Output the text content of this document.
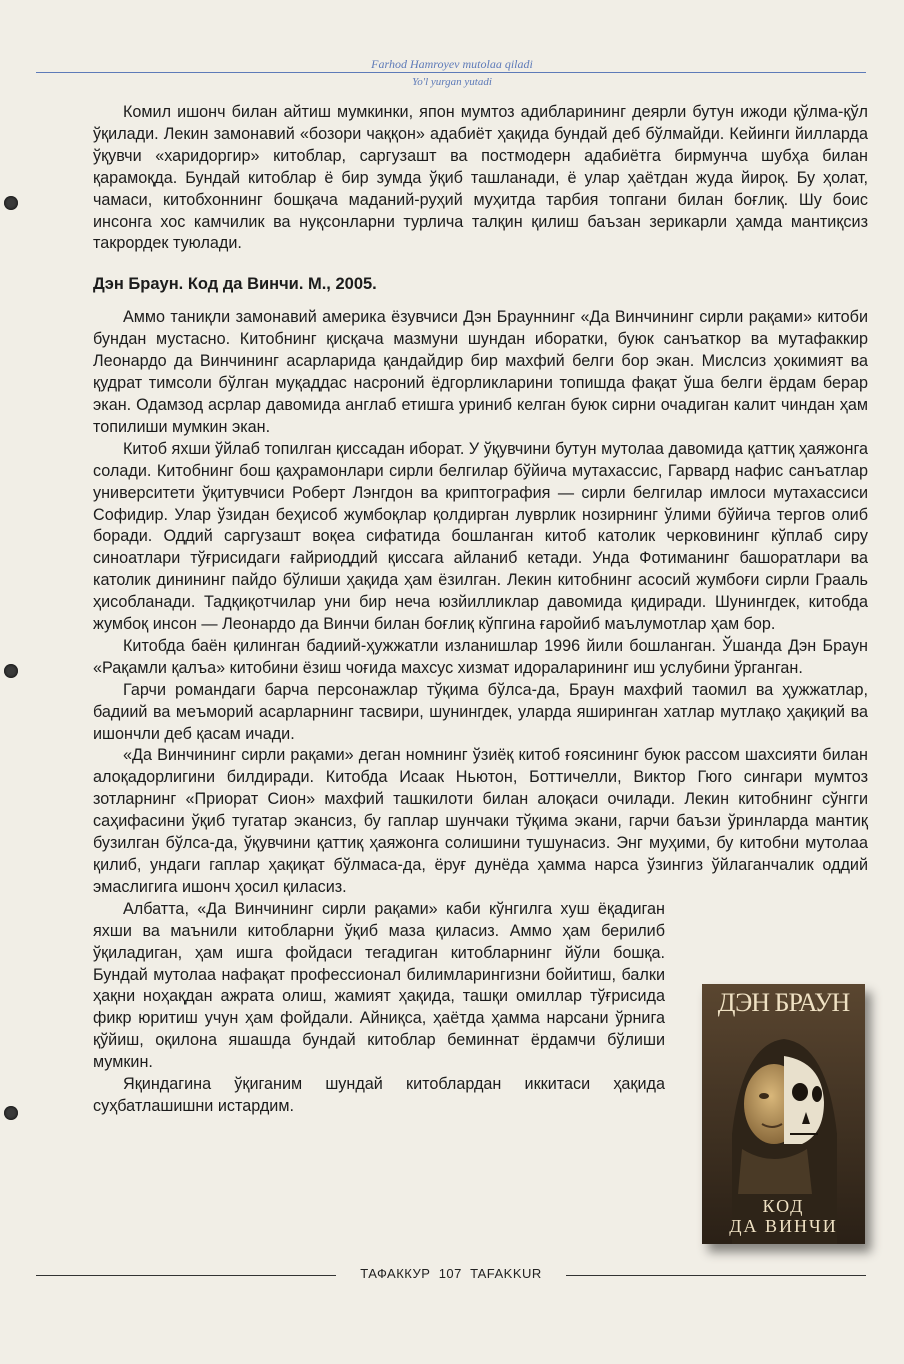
Farhod Hamroyev mutolaa qiladi
Yo'l yurgan yutadi

Комил ишонч билан айтиш мумкинки, япон мумтоз адибларининг деярли бутун ижоди қўлма-қўл ўқилади. Лекин замонавий «бозори чаққон» адабиёт ҳақида бундай деб бўлмайди. Кейинги йилларда ўқувчи «харидоргир» китоблар, саргузашт ва постмодерн адабиётга бирмунча шубҳа билан қарамоқда. Бундай китоблар ё бир зумда ўқиб ташланади, ё улар ҳаётдан жуда йироқ. Бу ҳолат, чамаси, китобхоннинг бошқача маданий-руҳий муҳитда тарбия топгани билан боғлиқ. Шу боис инсонга хос камчилик ва нуқсонларни турлича талқин қилиш баъзан зерикарли ҳамда мантиқсиз такрордек туюлади.

Дэн Браун. Код да Винчи. М., 2005.

Аммо таниқли замонавий америка ёзувчиси Дэн Брауннинг «Да Винчининг сирли рақами» китоби бундан мустасно. Китобнинг қисқача мазмуни шундан иборатки, буюк санъаткор ва мутафаккир Леонардо да Винчининг асарларида қандайдир бир махфий белги бор экан. Мислсиз ҳокимият ва қудрат тимсоли бўлган муқаддас насроний ёдгорликларини топишда фақат ўша белги ёрдам берар экан. Одамзод асрлар давомида англаб етишга уриниб келган буюк сирни очадиган калит чиндан ҳам топилиши мумкин экан.

Китоб яхши ўйлаб топилган қиссадан иборат. У ўқувчини бутун мутолаа давомида қаттиқ ҳаяжонга солади. Китобнинг бош қаҳрамонлари сирли белгилар бўйича мутахассис, Гарвард нафис санъатлар университети ўқитувчиси Роберт Лэнгдон ва криптография — сирли белгилар имлоси мутахассиси Софидир. Улар ўзидан беҳисоб жумбоқлар қолдирган луврлик нозирнинг ўлими бўйича тергов олиб боради. Оддий саргузашт воқеа сифатида бошланган китоб католик черковининг кўплаб сиру синоатлари тўғрисидаги ғайриоддий қиссага айланиб кетади. Унда Фотиманинг башоратлари ва католик динининг пайдо бўлиши ҳақида ҳам ёзилган. Лекин китобнинг асосий жумбоғи сирли Грааль ҳисобланади. Тадқиқотчилар уни бир неча юзйилликлар давомида қидиради. Шунингдек, китобда жумбоқ инсон — Леонардо да Винчи билан боғлиқ кўпгина ғаройиб маълумотлар ҳам бор.

Китобда баён қилинган бадиий-ҳужжатли изланишлар 1996 йили бошланган. Ўшанда Дэн Браун «Рақамли қалъа» китобини ёзиш чоғида махсус хизмат идораларининг иш услубини ўрганган.

Гарчи романдаги барча персонажлар тўқима бўлса-да, Браун махфий таомил ва ҳужжатлар, бадиий ва меъморий асарларнинг тасвири, шунингдек, уларда яширинган хатлар мутлақо ҳақиқий ва ишончли деб қасам ичади.

«Да Винчининг сирли рақами» деган номнинг ўзиёқ китоб ғоясининг буюк рассом шахсияти билан алоқадорлигини билдиради. Китобда Исаак Ньютон, Боттичелли, Виктор Гюго сингари мумтоз зотларнинг «Приорат Сион» махфий ташкилоти билан алоқаси очилади. Лекин китобнинг сўнгги саҳифасини ўқиб тугатар экансиз, бу гаплар шунчаки тўқима экани, гарчи баъзи ўринларда мантиқ бузилган бўлса-да, ўқувчини қаттиқ ҳаяжонга солишини тушунасиз. Энг муҳими, бу китобни мутолаа қилиб, ундаги гаплар ҳақиқат бўлмаса-да, ёруғ дунёда ҳамма нарса ўзингиз ўйлаганчалик оддий эмаслигига ишонч ҳосил қиласиз.

Албатта, «Да Винчининг сирли рақами» каби кўнгилга хуш ёқадиган яхши ва маънили китобларни ўқиб маза қиласиз. Аммо ҳам берилиб ўқиладиган, ҳам ишга фойдаси тегадиган китобларнинг йўли бошқа. Бундай мутолаа нафақат профессионал билимларингизни бойитиш, балки ҳақни ноҳақдан ажрата олиш, жамият ҳақида, ташқи омиллар тўғрисида фикр юритиш учун ҳам фойдали. Айниқса, ҳаётда ҳамма нарсани ўрнига қўйиш, оқилона яшашда бундай китоблар беминнат ёрдамчи бўлиши мумкин.

Яқиндагина ўқиганим шундай китоблардан иккитаси ҳақида суҳбатлашишни истардим.

ДЭН БРАУН
КОД
ДА ВИНЧИ
ТАФАККУР 107 TAFAKKUR
